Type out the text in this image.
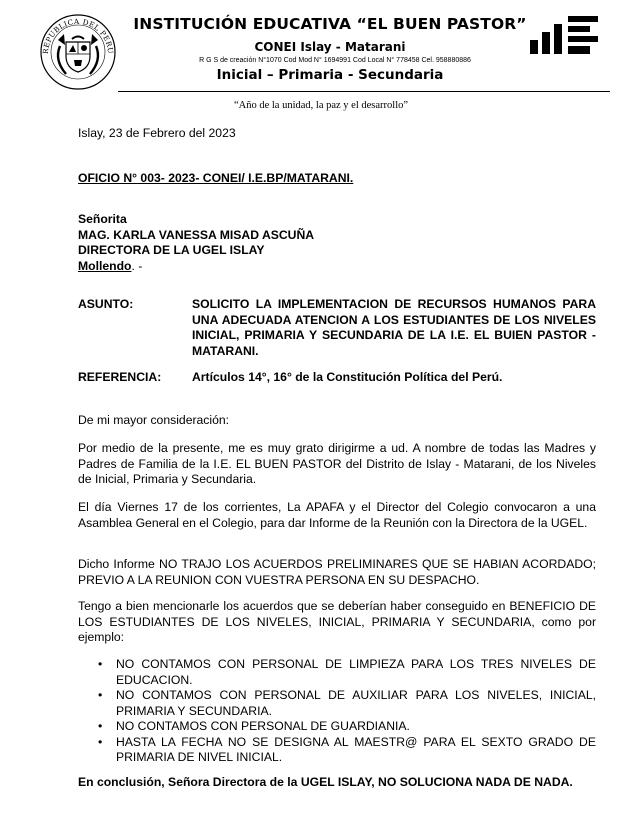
REPUBLICA DEL PERU
INSTITUCIÓN EDUCATIVA “EL BUEN PASTOR”
CONEI Islay - Matarani
R G S de creación N°1070 Cod Mod N° 1694991 Cod Local N° 778458 Cel. 958880886
Inicial – Primaria - Secundaria
“Año de la unidad, la paz y el desarrollo”
Islay, 23 de Febrero del 2023
OFICIO N° 003- 2023- CONEI/ I.E.BP/MATARANI.
Señorita
MAG. KARLA VANESSA MISAD ASCUÑA
DIRECTORA DE LA UGEL ISLAY
Mollendo. -
ASUNTO:	SOLICITO LA IMPLEMENTACION DE RECURSOS HUMANOS PARA UNA ADECUADA ATENCION A LOS ESTUDIANTES DE LOS NIVELES INICIAL, PRIMARIA Y SECUNDARIA DE LA I.E. EL BUIEN PASTOR - MATARANI.
REFERENCIA:	Artículos 14°, 16° de la Constitución Política del Perú.
De mi mayor consideración:
Por medio de la presente, me es muy grato dirigirme a ud. A nombre de todas las Madres y Padres de Familia de la I.E. EL BUEN PASTOR del Distrito de Islay - Matarani, de los Niveles de Inicial, Primaria y Secundaria.
El día Viernes 17 de los corrientes, La APAFA y el Director del Colegio convocaron a una Asamblea General en el Colegio, para dar Informe de la Reunión con la Directora de la UGEL.
Dicho Informe NO TRAJO LOS ACUERDOS PRELIMINARES QUE SE HABIAN ACORDADO; PREVIO A LA REUNION CON VUESTRA PERSONA EN SU DESPACHO.
Tengo a bien mencionarle los acuerdos que se deberían haber conseguido en BENEFICIO DE LOS ESTUDIANTES DE LOS NIVELES, INICIAL, PRIMARIA Y SECUNDARIA, como por ejemplo:
• NO CONTAMOS CON PERSONAL DE LIMPIEZA PARA LOS TRES NIVELES DE EDUCACION.
• NO CONTAMOS CON PERSONAL DE AUXILIAR PARA LOS NIVELES, INICIAL, PRIMARIA Y SECUNDARIA.
• NO CONTAMOS CON PERSONAL DE GUARDIANIA.
• HASTA LA FECHA NO SE DESIGNA AL MAESTR@ PARA EL SEXTO GRADO DE PRIMARIA DE NIVEL INICIAL.
En conclusión, Señora Directora de la UGEL ISLAY, NO SOLUCIONA NADA DE NADA.
